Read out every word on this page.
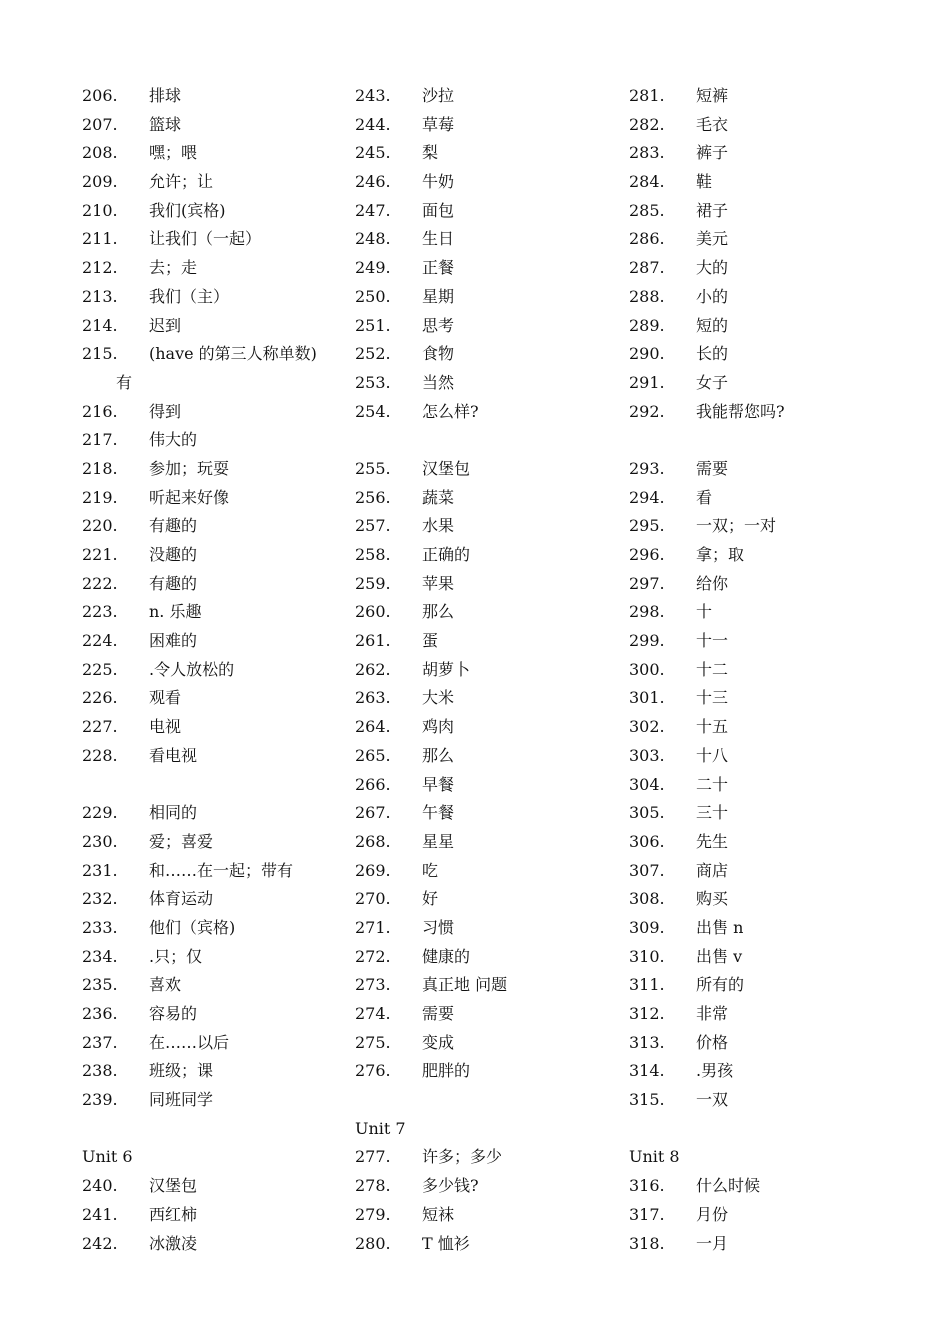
206. 排球
207. 篮球
208. 嘿；喂
209. 允许；让
210. 我们(宾格)
211. 让我们（一起）
212. 去；走
213. 我们（主）
214. 迟到
215. (have 的第三人称单数)
有
216. 得到
217. 伟大的
218. 参加；玩耍
219. 听起来好像
220. 有趣的
221. 没趣的
222. 有趣的
223. n. 乐趣
224. 困难的
225. .令人放松的
226. 观看
227. 电视
228. 看电视
229. 相同的
230. 爱；喜爱
231. 和……在一起；带有
232. 体育运动
233. 他们（宾格)
234. .只；仅
235. 喜欢
236. 容易的
237. 在……以后
238. 班级；课
239. 同班同学
Unit 6
240. 汉堡包
241. 西红柿
242. 冰激凌
243. 沙拉
244. 草莓
245. 梨
246. 牛奶
247. 面包
248. 生日
249. 正餐
250. 星期
251. 思考
252. 食物
253. 当然
254. 怎么样?
255. 汉堡包
256. 蔬菜
257. 水果
258. 正确的
259. 苹果
260. 那么
261. 蛋
262. 胡萝卜
263. 大米
264. 鸡肉
265. 那么
266. 早餐
267. 午餐
268. 星星
269. 吃
270. 好
271. 习惯
272. 健康的
273. 真正地 问题
274. 需要
275. 变成
276. 肥胖的
Unit 7
277. 许多；多少
278. 多少钱?
279. 短袜
280. T 恤衫
281. 短裤
282. 毛衣
283. 裤子
284. 鞋
285. 裙子
286. 美元
287. 大的
288. 小的
289. 短的
290. 长的
291. 女子
292. 我能帮您吗?
293. 需要
294. 看
295. 一双；一对
296. 拿；取
297. 给你
298. 十
299. 十一
300. 十二
301. 十三
302. 十五
303. 十八
304. 二十
305. 三十
306. 先生
307. 商店
308. 购买
309. 出售 n
310. 出售 v
311. 所有的
312. 非常
313. 价格
314. .男孩
315. 一双
Unit 8
316. 什么时候
317. 月份
318. 一月
